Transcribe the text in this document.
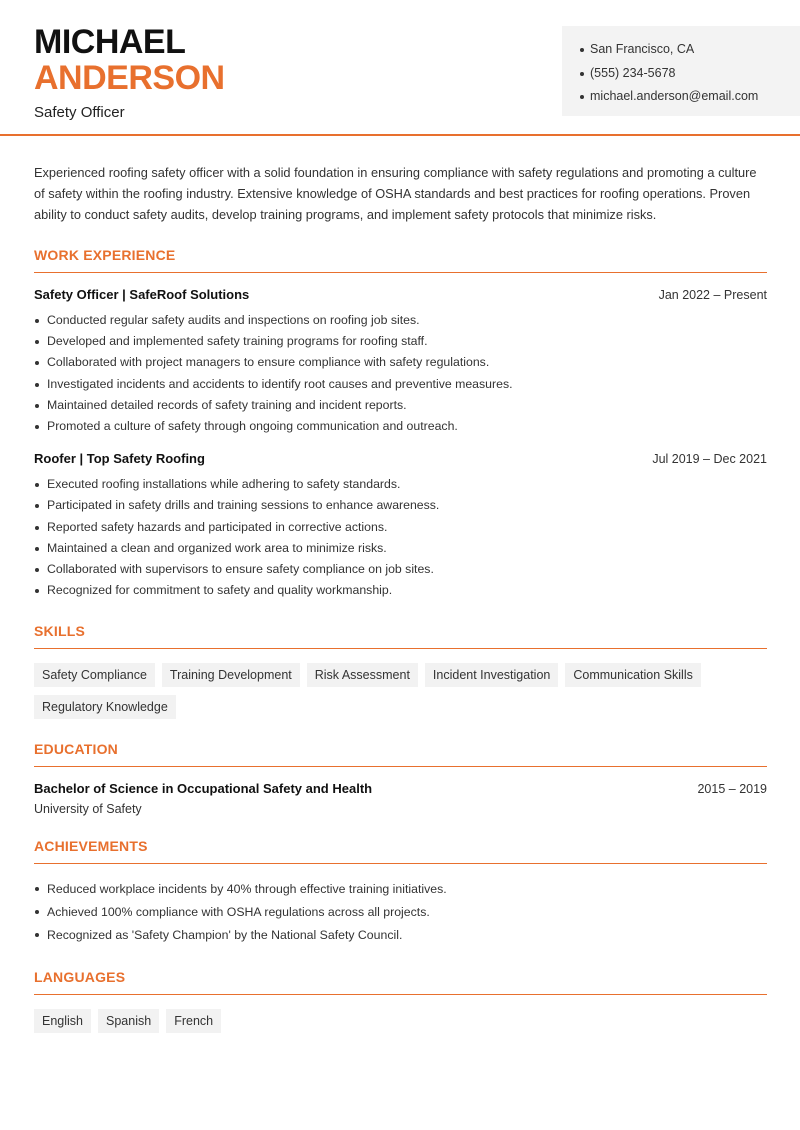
MICHAEL
ANDERSON
Safety Officer
San Francisco, CA
(555) 234-5678
michael.anderson@email.com

Experienced roofing safety officer with a solid foundation in ensuring compliance with safety regulations and promoting a culture of safety within the roofing industry. Extensive knowledge of OSHA standards and best practices for roofing operations. Proven ability to conduct safety audits, develop training programs, and implement safety protocols that minimize risks.

WORK EXPERIENCE
Safety Officer | SafeRoof Solutions	Jan 2022 – Present
Conducted regular safety audits and inspections on roofing job sites.
Developed and implemented safety training programs for roofing staff.
Collaborated with project managers to ensure compliance with safety regulations.
Investigated incidents and accidents to identify root causes and preventive measures.
Maintained detailed records of safety training and incident reports.
Promoted a culture of safety through ongoing communication and outreach.
Roofer | Top Safety Roofing	Jul 2019 – Dec 2021
Executed roofing installations while adhering to safety standards.
Participated in safety drills and training sessions to enhance awareness.
Reported safety hazards and participated in corrective actions.
Maintained a clean and organized work area to minimize risks.
Collaborated with supervisors to ensure safety compliance on job sites.
Recognized for commitment to safety and quality workmanship.
SKILLS
Safety Compliance	Training Development	Risk Assessment	Incident Investigation	Communication Skills
Regulatory Knowledge
EDUCATION
Bachelor of Science in Occupational Safety and Health	2015 – 2019
University of Safety
ACHIEVEMENTS
Reduced workplace incidents by 40% through effective training initiatives.
Achieved 100% compliance with OSHA regulations across all projects.
Recognized as 'Safety Champion' by the National Safety Council.
LANGUAGES
English	Spanish	French
